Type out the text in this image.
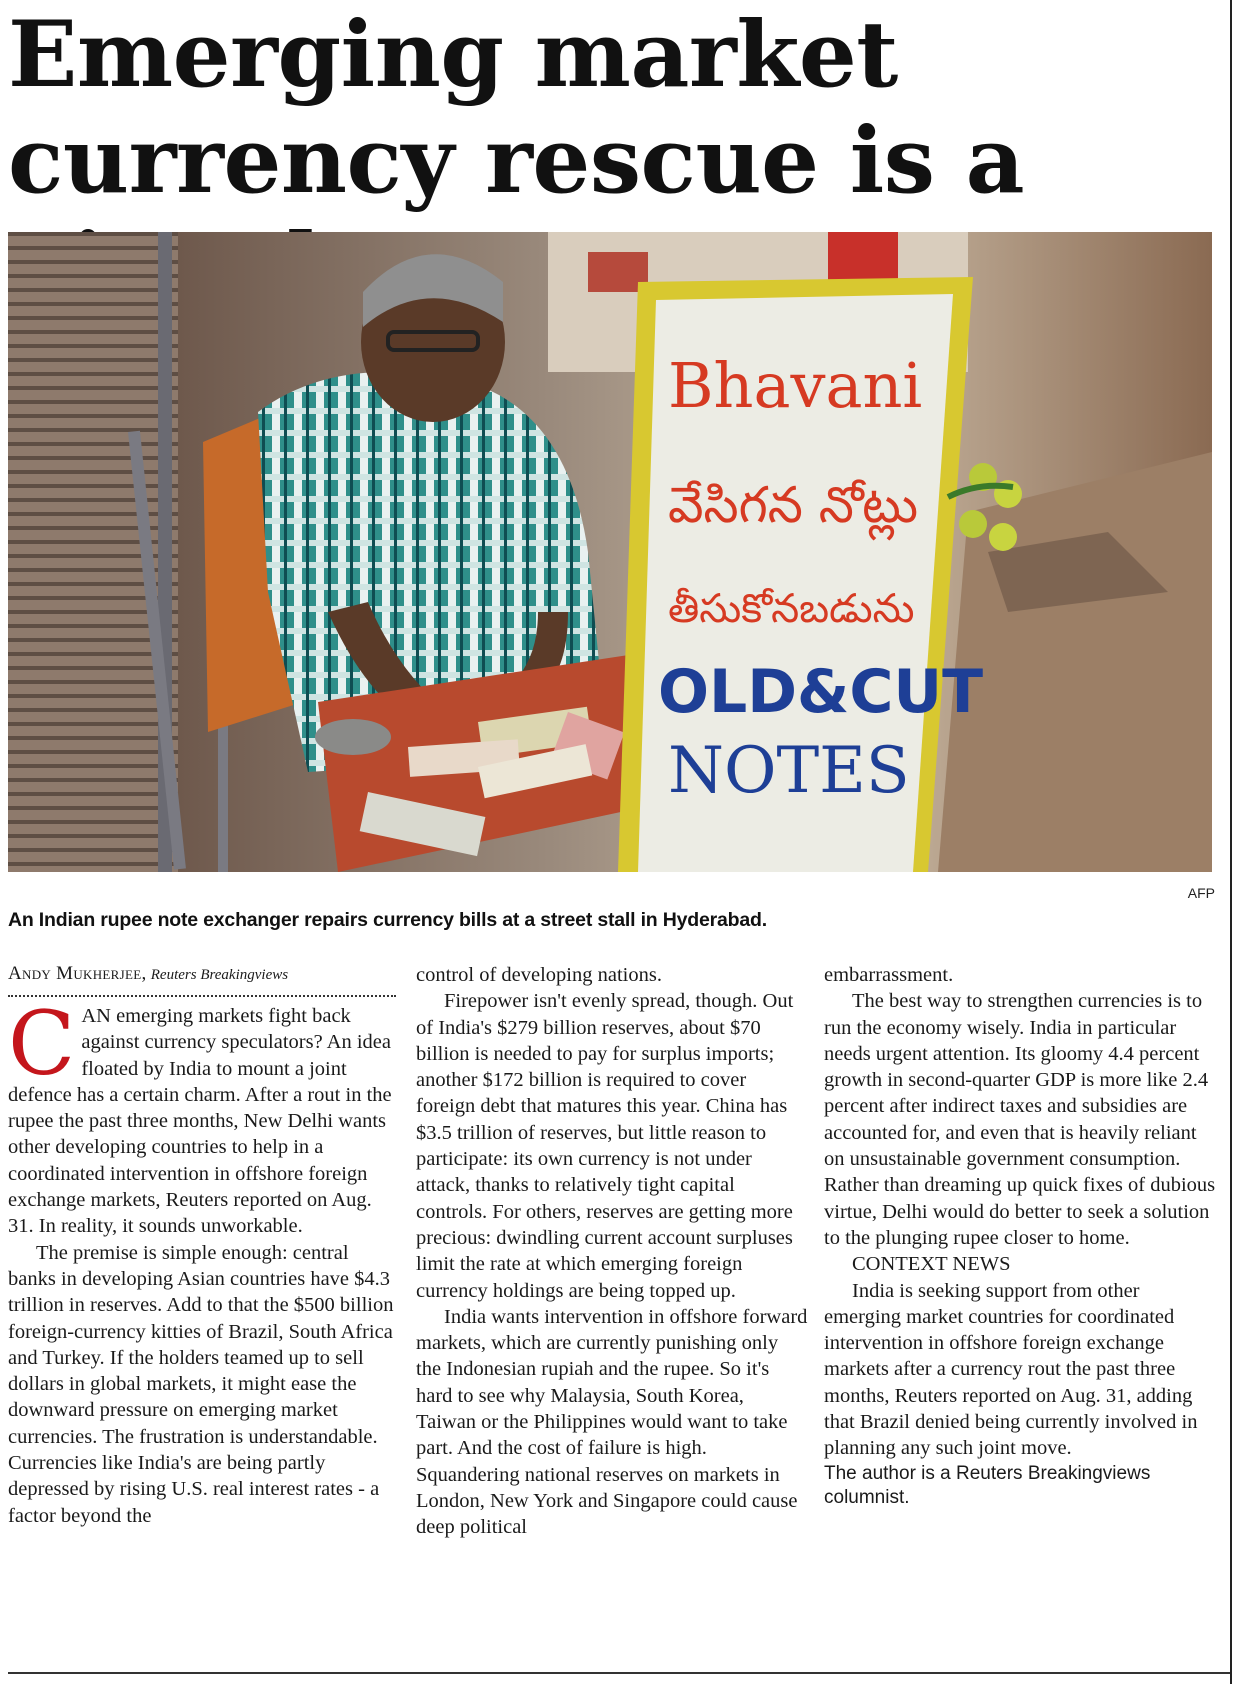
Emerging market currency rescue is a
Bhavani
వేసిగన నోట్లు
తీసుకోనబడును
OLD&CUT
NOTES
AFP
An Indian rupee note exchanger repairs currency bills at a street stall in Hyderabad.
Andy Mukherjee, Reuters Breakingviews

CAN emerging markets fight back against currency speculators? An idea floated by India to mount a joint defence has a certain charm. After a rout in the rupee the past three months, New Delhi wants other developing countries to help in a coordinated intervention in offshore foreign exchange markets, Reuters reported on Aug. 31. In reality, it sounds unworkable.

The premise is simple enough: central banks in developing Asian countries have $4.3 trillion in reserves. Add to that the $500 billion foreign-currency kitties of Brazil, South Africa and Turkey. If the holders teamed up to sell dollars in global markets, it might ease the downward pressure on emerging market currencies. The frustration is understandable. Currencies like India's are being partly depressed by rising U.S. real interest rates - a factor beyond the

control of developing nations.

Firepower isn't evenly spread, though. Out of India's $279 billion reserves, about $70 billion is needed to pay for surplus imports; another $172 billion is required to cover foreign debt that matures this year. China has $3.5 trillion of reserves, but little reason to participate: its own currency is not under attack, thanks to relatively tight capital controls. For others, reserves are getting more precious: dwindling current account surpluses limit the rate at which emerging foreign currency holdings are being topped up.

India wants intervention in offshore forward markets, which are currently punishing only the Indonesian rupiah and the rupee. So it's hard to see why Malaysia, South Korea, Taiwan or the Philippines would want to take part. And the cost of failure is high. Squandering national reserves on markets in London, New York and Singapore could cause deep political

embarrassment.

The best way to strengthen currencies is to run the economy wisely. India in particular needs urgent attention. Its gloomy 4.4 percent growth in second-quarter GDP is more like 2.4 percent after indirect taxes and subsidies are accounted for, and even that is heavily reliant on unsustainable government consumption. Rather than dreaming up quick fixes of dubious virtue, Delhi would do better to seek a solution to the plunging rupee closer to home.

CONTEXT NEWS

India is seeking support from other emerging market countries for coordinated intervention in offshore foreign exchange markets after a currency rout the past three months, Reuters reported on Aug. 31, adding that Brazil denied being currently involved in planning any such joint move.

The author is a Reuters Breakingviews columnist.
